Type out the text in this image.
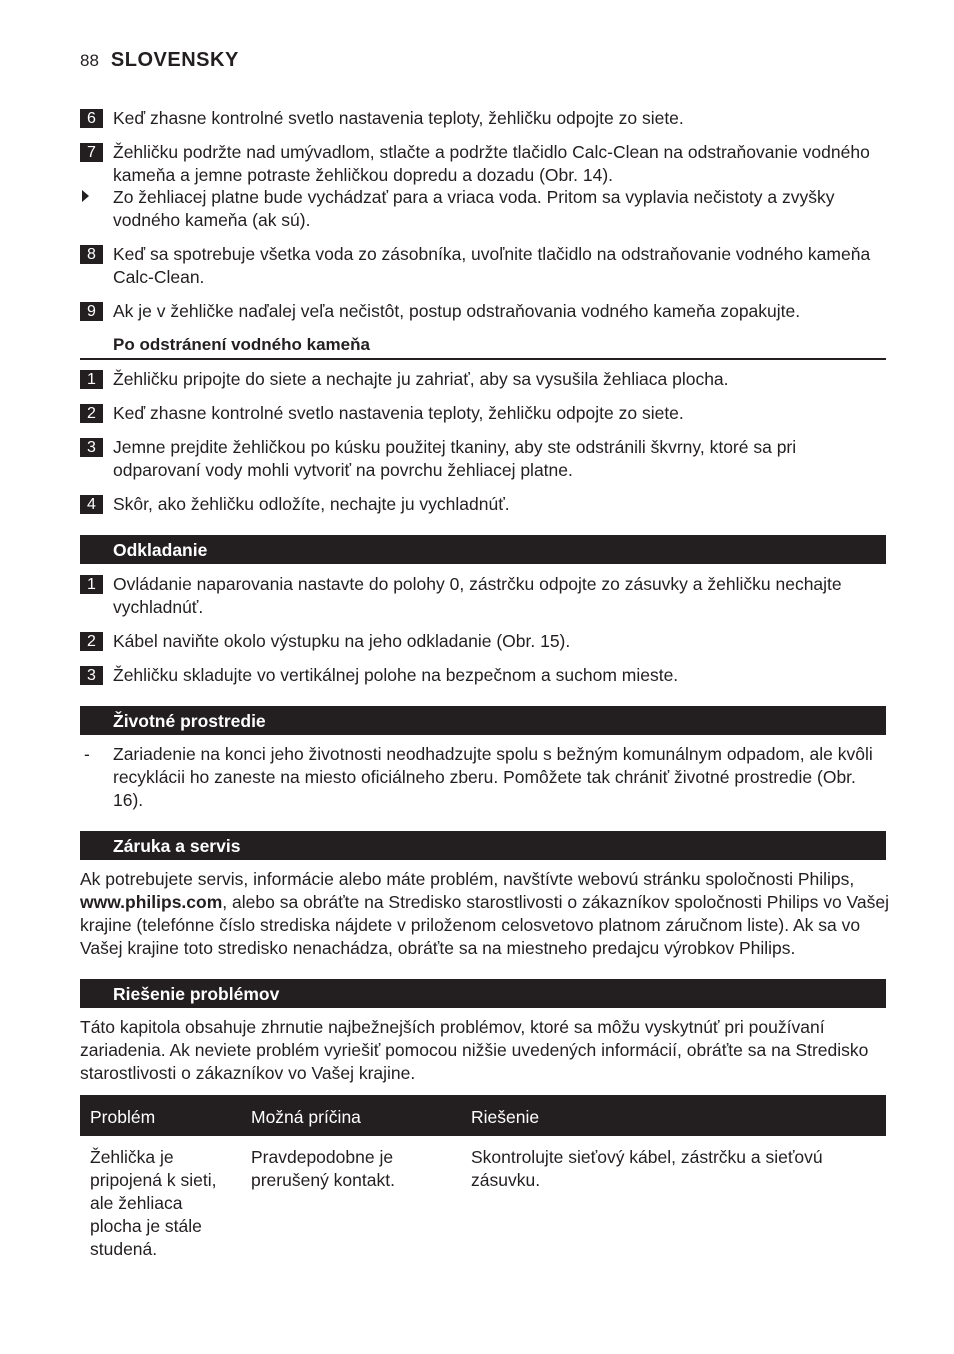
88 SLOVENSKY
6 Keď zhasne kontrolné svetlo nastavenia teploty, žehličku odpojte zo siete.
7 Žehličku podržte nad umývadlom, stlačte a podržte tlačidlo Calc-Clean na odstraňovanie vodného kameňa a jemne potraste žehličkou dopredu a dozadu (Obr. 14).
Zo žehliacej platne bude vychádzať para a vriaca voda. Pritom sa vyplavia nečistoty a zvyšky vodného kameňa (ak sú).
8 Keď sa spotrebuje všetka voda zo zásobníka, uvoľnite tlačidlo na odstraňovanie vodného kameňa Calc-Clean.
9 Ak je v žehličke naďalej veľa nečistôt, postup odstraňovania vodného kameňa zopakujte.
Po odstránení vodného kameňa
1 Žehličku pripojte do siete a nechajte ju zahriať, aby sa vysušila žehliaca plocha.
2 Keď zhasne kontrolné svetlo nastavenia teploty, žehličku odpojte zo siete.
3 Jemne prejdite žehličkou po kúsku použitej tkaniny, aby ste odstránili škvrny, ktoré sa pri odparovaní vody mohli vytvoriť na povrchu žehliacej platne.
4 Skôr, ako žehličku odložíte, nechajte ju vychladnúť.
Odkladanie
1 Ovládanie naparovania nastavte do polohy 0, zástrčku odpojte zo zásuvky a žehličku nechajte vychladnúť.
2 Kábel naviňte okolo výstupku na jeho odkladanie (Obr. 15).
3 Žehličku skladujte vo vertikálnej polohe na bezpečnom a suchom mieste.
Životné prostredie
- Zariadenie na konci jeho životnosti neodhadzujte spolu s bežným komunálnym odpadom, ale kvôli recyklácii ho zaneste na miesto oficiálneho zberu. Pomôžete tak chrániť životné prostredie (Obr. 16).
Záruka a servis
Ak potrebujete servis, informácie alebo máte problém, navštívte webovú stránku spoločnosti Philips, www.philips.com, alebo sa obráťte na Stredisko starostlivosti o zákazníkov spoločnosti Philips vo Vašej krajine (telefónne číslo strediska nájdete v priloženom celosvetovo platnom záručnom liste). Ak sa vo Vašej krajine toto stredisko nenachádza, obráťte sa na miestneho predajcu výrobkov Philips.
Riešenie problémov
Táto kapitola obsahuje zhrnutie najbežnejších problémov, ktoré sa môžu vyskytnúť pri používaní zariadenia. Ak neviete problém vyriešiť pomocou nižšie uvedených informácií, obráťte sa na Stredisko starostlivosti o zákazníkov vo Vašej krajine.
Problém	Možná príčina	Riešenie
Žehlička je pripojená k sieti, ale žehliaca plocha je stále studená.
Pravdepodobne je prerušený kontakt.
Skontrolujte sieťový kábel, zástrčku a sieťovú zásuvku.
